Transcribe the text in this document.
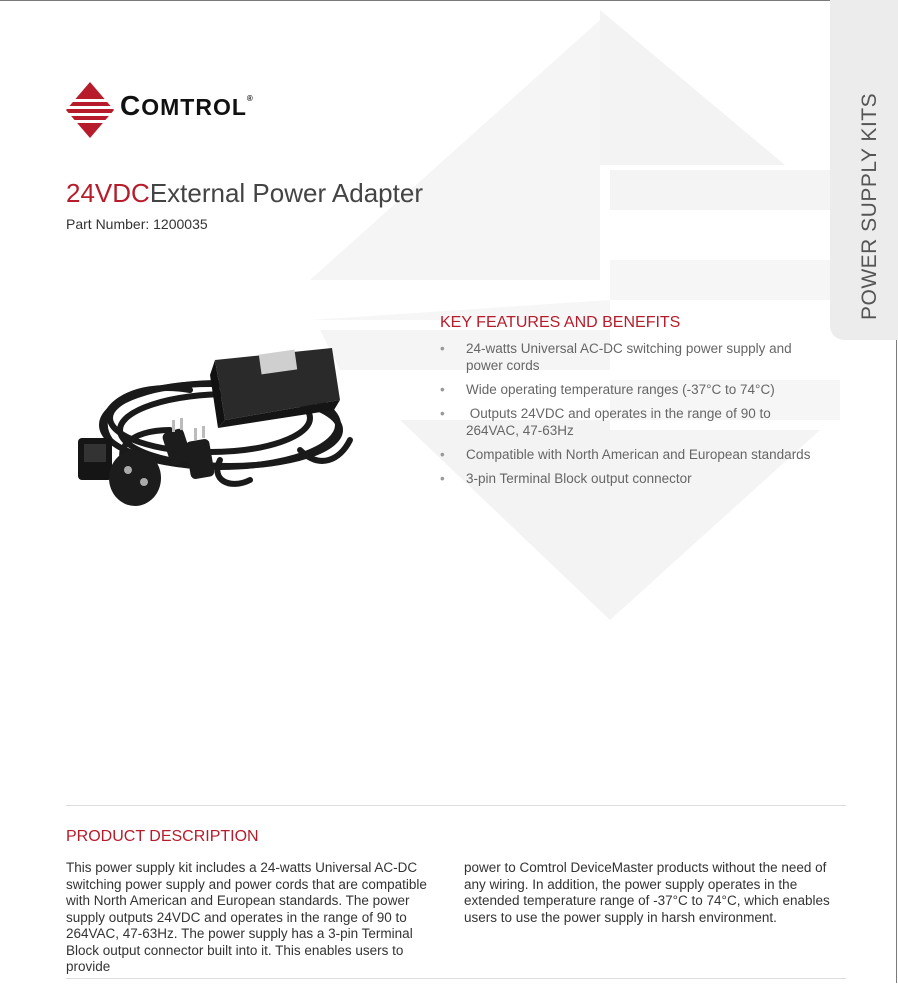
POWER SUPPLY KITS
COMTROL®
24VDCExternal Power Adapter
Part Number: 1200035
KEY FEATURES AND BENEFITS
• 24-watts Universal AC-DC switching power supply and power cords
• Wide operating temperature ranges (-37°C to 74°C)
• Outputs 24VDC and operates in the range of 90 to 264VAC, 47-63Hz
• Compatible with North American and European standards
• 3-pin Terminal Block output connector
PRODUCT DESCRIPTION
This power supply kit includes a 24-watts Universal AC-DC switching power supply and power cords that are compatible with North American and European standards. The power supply outputs 24VDC and operates in the range of 90 to 264VAC, 47-63Hz. The power supply has a 3-pin Terminal Block output connector built into it. This enables users to provide
power to Comtrol DeviceMaster products without the need of any wiring. In addition, the power supply operates in the extended temperature range of -37°C to 74°C, which enables users to use the power supply in harsh environment.
